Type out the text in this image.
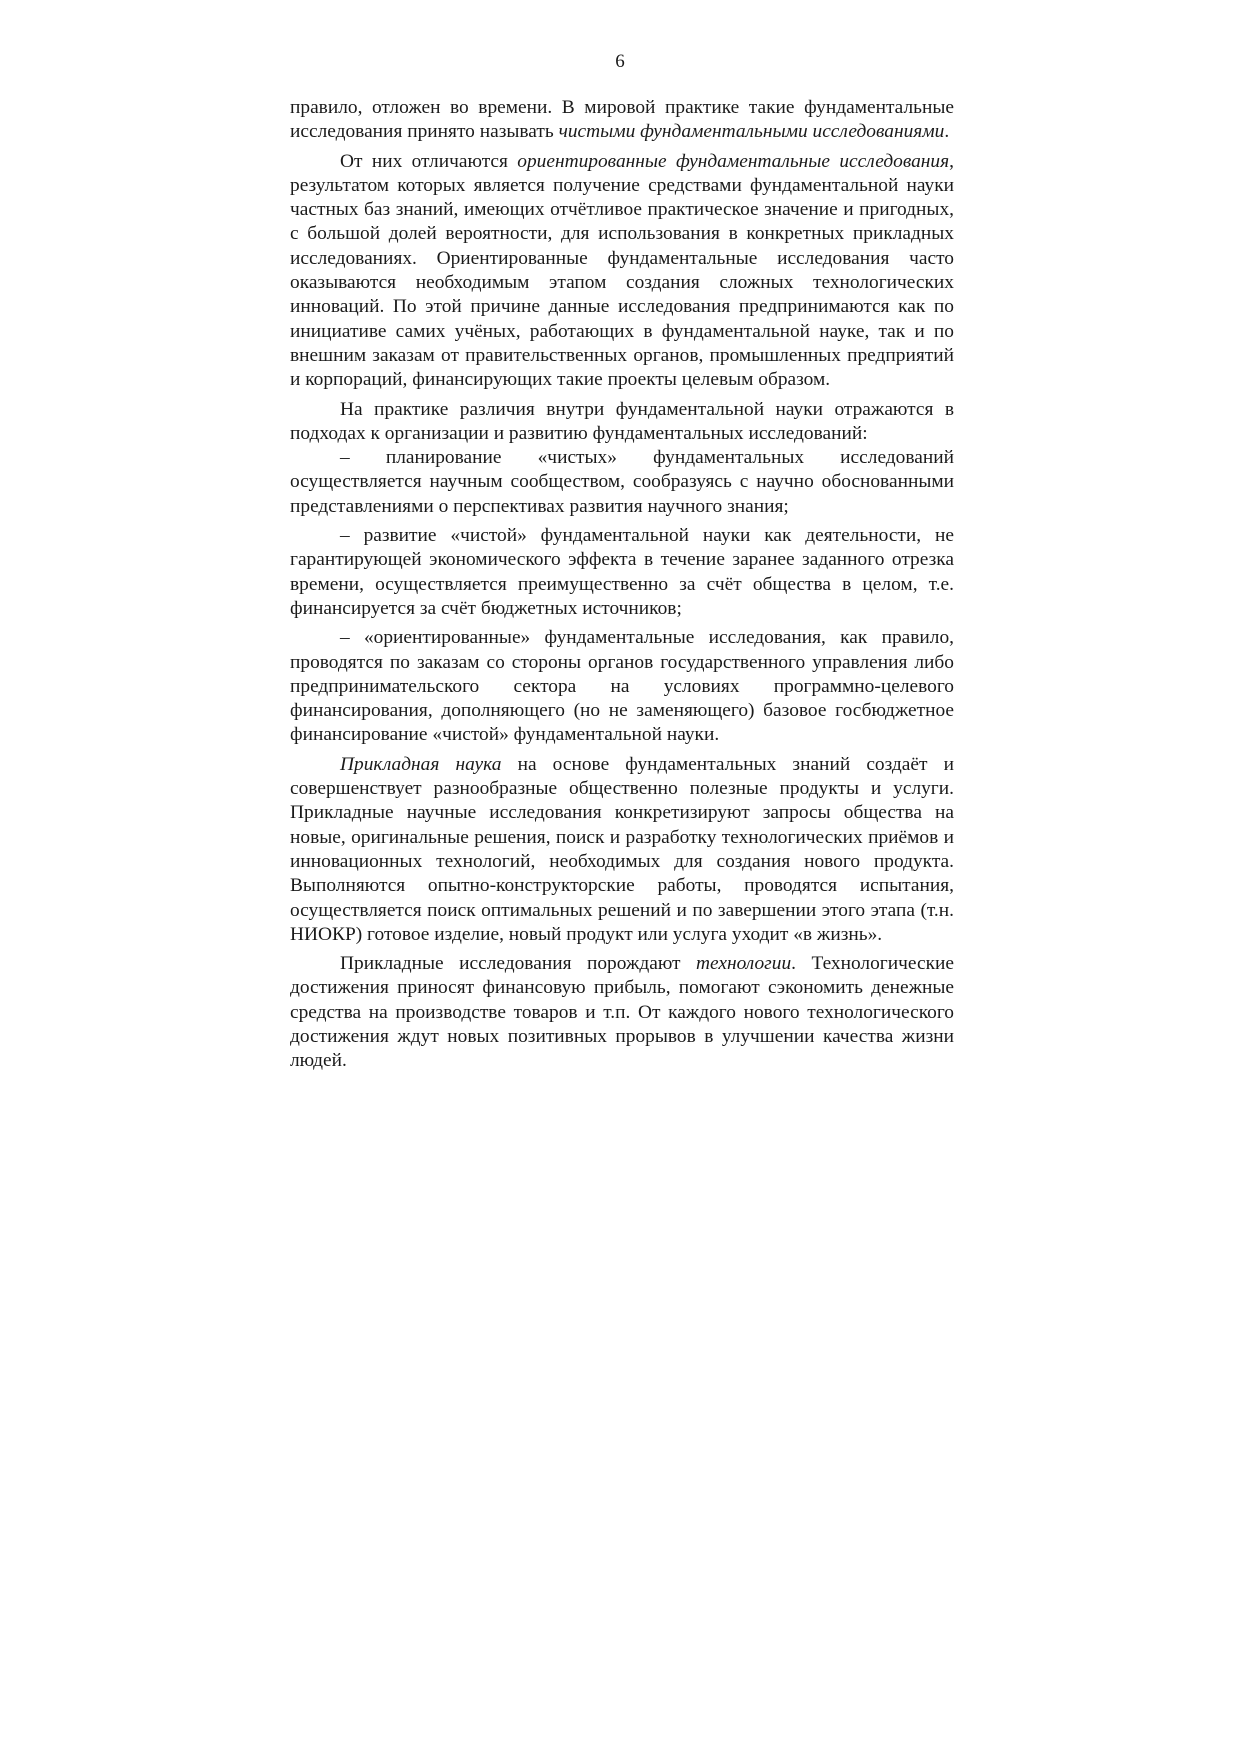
6

правило, отложен во времени. В мировой практике такие фундаментальные исследования принято называть чистыми фундаментальными исследованиями.

От них отличаются ориентированные фундаментальные исследования, результатом которых является получение средствами фундаментальной науки частных баз знаний, имеющих отчётливое практическое значение и пригодных, с большой долей вероятности, для использования в конкретных прикладных исследованиях. Ориентированные фундаментальные исследования часто оказываются необходимым этапом создания сложных технологических инноваций. По этой причине данные исследования предпринимаются как по инициативе самих учёных, работающих в фундаментальной науке, так и по внешним заказам от правительственных органов, промышленных предприятий и корпораций, финансирующих такие проекты целевым образом.

На практике различия внутри фундаментальной науки отражаются в подходах к организации и развитию фундаментальных исследований:

– планирование «чистых» фундаментальных исследований осуществляется научным сообществом, сообразуясь с научно обоснованными представлениями о перспективах развития научного знания;

– развитие «чистой» фундаментальной науки как деятельности, не гарантирующей экономического эффекта в течение заранее заданного отрезка времени, осуществляется преимущественно за счёт общества в целом, т.е. финансируется за счёт бюджетных источников;

– «ориентированные» фундаментальные исследования, как правило, проводятся по заказам со стороны органов государственного управления либо предпринимательского сектора на условиях программно-целевого финансирования, дополняющего (но не заменяющего) базовое госбюджетное финансирование «чистой» фундаментальной науки.

Прикладная наука на основе фундаментальных знаний создаёт и совершенствует разнообразные общественно полезные продукты и услуги. Прикладные научные исследования конкретизируют запросы общества на новые, оригинальные решения, поиск и разработку технологических приёмов и инновационных технологий, необходимых для создания нового продукта. Выполняются опытно-конструкторские работы, проводятся испытания, осуществляется поиск оптимальных решений и по завершении этого этапа (т.н. НИОКР) готовое изделие, новый продукт или услуга уходит «в жизнь».

Прикладные исследования порождают технологии. Технологические достижения приносят финансовую прибыль, помогают сэкономить денежные средства на производстве товаров и т.п. От каждого нового технологического достижения ждут новых позитивных прорывов в улучшении качества жизни людей.
